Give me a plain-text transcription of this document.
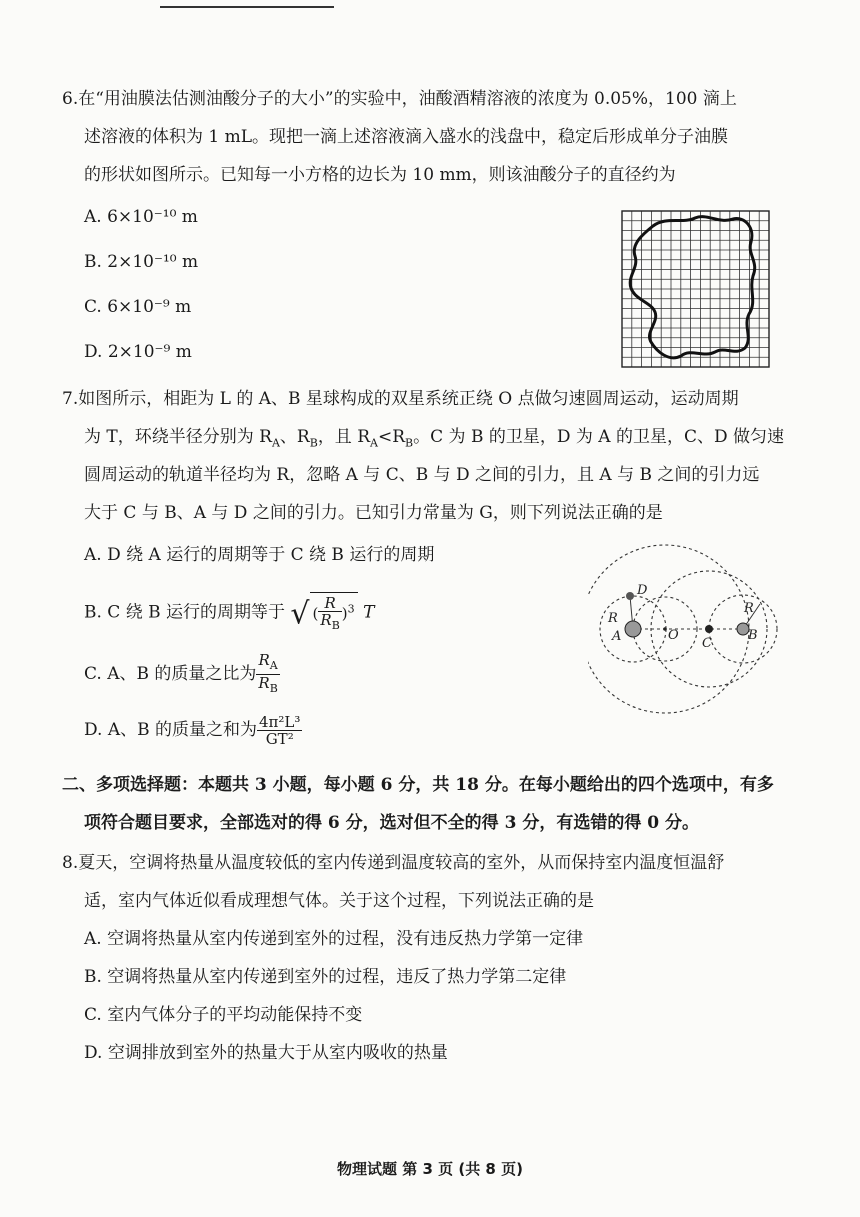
6.在“用油膜法估测油酸分子的大小”的实验中，油酸酒精溶液的浓度为 0.05%，100 滴上
述溶液的体积为 1 mL。现把一滴上述溶液滴入盛水的浅盘中，稳定后形成单分子油膜
的形状如图所示。已知每一小方格的边长为 10 mm，则该油酸分子的直径约为
A. 6×10⁻¹⁰ m
B. 2×10⁻¹⁰ m
C. 6×10⁻⁹ m
D. 2×10⁻⁹ m
7.如图所示，相距为 L 的 A、B 星球构成的双星系统正绕 O 点做匀速圆周运动，运动周期
为 T，环绕半径分别为 $R_A$、$R_B$，且 $R_A<R_B$。C 为 B 的卫星，D 为 A 的卫星，C、D 做匀速
圆周运动的轨道半径均为 R，忽略 A 与 C、B 与 D 之间的引力，且 A 与 B 之间的引力远
大于 C 与 B、A 与 D 之间的引力。已知引力常量为 G，则下列说法正确的是
A. D 绕 A 运行的周期等于 C 绕 B 运行的周期
B. C 绕 B 运行的周期等于 √ ( $\frac{R}{R_B} )^3$ T
C. A、B 的质量之比为 $\frac{R_A}{R_B}$
D. A、B 的质量之和为 $\frac{\text{4π²L³}}{\text{GT²}}$
D
R
A	O
C
R
B
二、多项选择题：本题共 3 小题，每小题 6 分，共 18 分。在每小题给出的四个选项中，有多
项符合题目要求，全部选对的得 6 分，选对但不全的得 3 分，有选错的得 0 分。
8.夏天，空调将热量从温度较低的室内传递到温度较高的室外，从而保持室内温度恒温舒
适，室内气体近似看成理想气体。关于这个过程，下列说法正确的是
A. 空调将热量从室内传递到室外的过程，没有违反热力学第一定律
B. 空调将热量从室内传递到室外的过程，违反了热力学第二定律
C. 室内气体分子的平均动能保持不变
D. 空调排放到室外的热量大于从室内吸收的热量
物理试题 第 3 页 (共 8 页)
